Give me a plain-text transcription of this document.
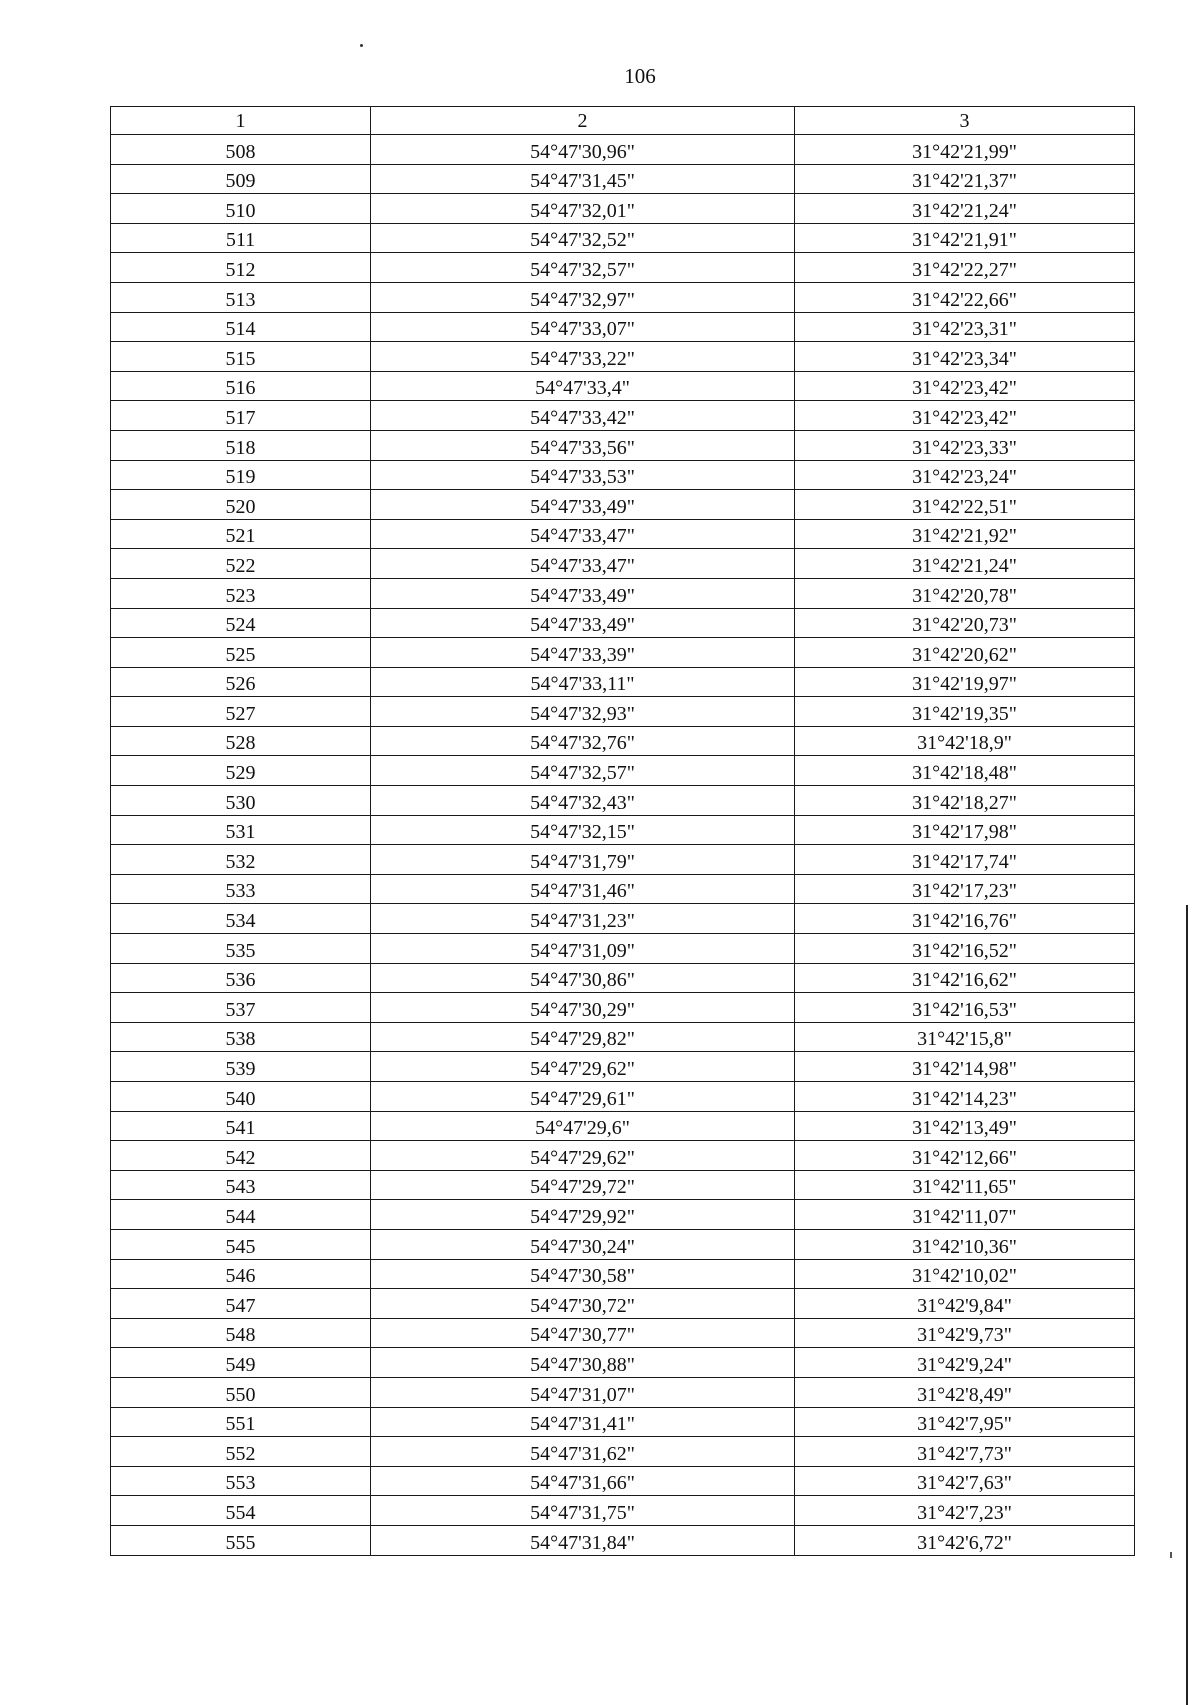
106
1	2	3
508	54°47'30,96"	31°42'21,99"
509	54°47'31,45"	31°42'21,37"
510	54°47'32,01"	31°42'21,24"
511	54°47'32,52"	31°42'21,91"
512	54°47'32,57"	31°42'22,27"
513	54°47'32,97"	31°42'22,66"
514	54°47'33,07"	31°42'23,31"
515	54°47'33,22"	31°42'23,34"
516	54°47'33,4"	31°42'23,42"
517	54°47'33,42"	31°42'23,42"
518	54°47'33,56"	31°42'23,33"
519	54°47'33,53"	31°42'23,24"
520	54°47'33,49"	31°42'22,51"
521	54°47'33,47"	31°42'21,92"
522	54°47'33,47"	31°42'21,24"
523	54°47'33,49"	31°42'20,78"
524	54°47'33,49"	31°42'20,73"
525	54°47'33,39"	31°42'20,62"
526	54°47'33,11"	31°42'19,97"
527	54°47'32,93"	31°42'19,35"
528	54°47'32,76"	31°42'18,9"
529	54°47'32,57"	31°42'18,48"
530	54°47'32,43"	31°42'18,27"
531	54°47'32,15"	31°42'17,98"
532	54°47'31,79"	31°42'17,74"
533	54°47'31,46"	31°42'17,23"
534	54°47'31,23"	31°42'16,76"
535	54°47'31,09"	31°42'16,52"
536	54°47'30,86"	31°42'16,62"
537	54°47'30,29"	31°42'16,53"
538	54°47'29,82"	31°42'15,8"
539	54°47'29,62"	31°42'14,98"
540	54°47'29,61"	31°42'14,23"
541	54°47'29,6"	31°42'13,49"
542	54°47'29,62"	31°42'12,66"
543	54°47'29,72"	31°42'11,65"
544	54°47'29,92"	31°42'11,07"
545	54°47'30,24"	31°42'10,36"
546	54°47'30,58"	31°42'10,02"
547	54°47'30,72"	31°42'9,84"
548	54°47'30,77"	31°42'9,73"
549	54°47'30,88"	31°42'9,24"
550	54°47'31,07"	31°42'8,49"
551	54°47'31,41"	31°42'7,95"
552	54°47'31,62"	31°42'7,73"
553	54°47'31,66"	31°42'7,63"
554	54°47'31,75"	31°42'7,23"
555	54°47'31,84"	31°42'6,72"
